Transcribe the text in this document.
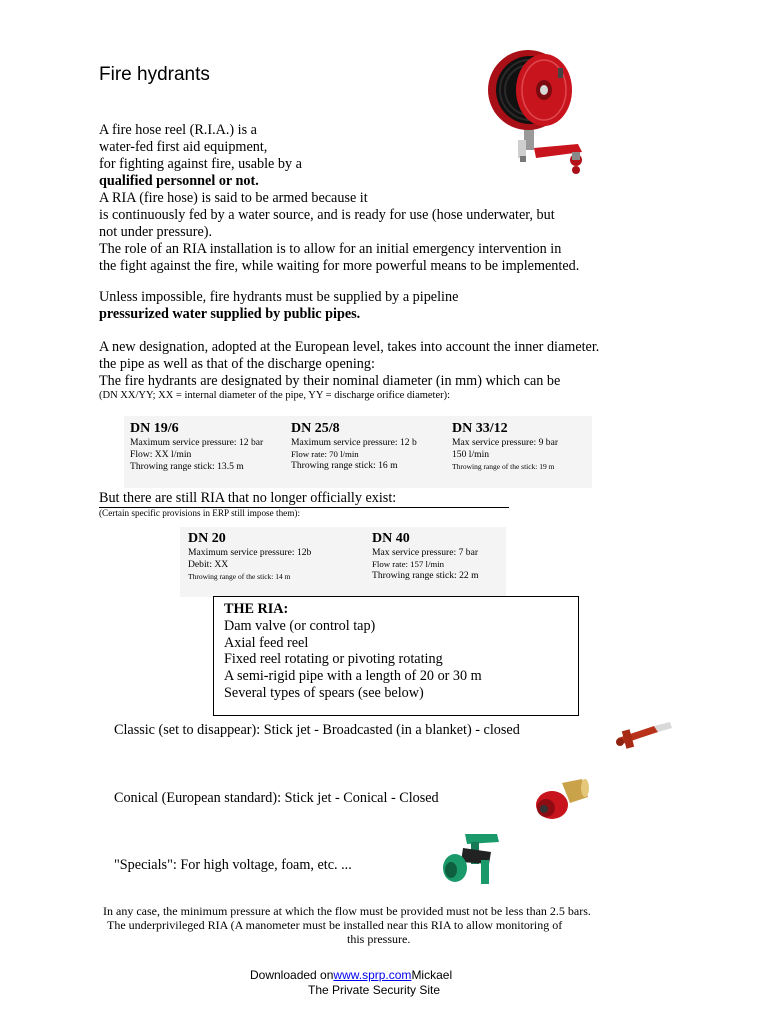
Fire hydrants
A fire hose reel (R.I.A.) is a
water-fed first aid equipment,
for fighting against fire, usable by a
qualified personnel or not.
A RIA (fire hose) is said to be armed because it
is continuously fed by a water source, and is ready for use (hose underwater, but
not under pressure).
The role of an RIA installation is to allow for an initial emergency intervention in
the fight against the fire, while waiting for more powerful means to be implemented.
Unless impossible, fire hydrants must be supplied by a pipeline
pressurized water supplied by public pipes.
A new designation, adopted at the European level, takes into account the inner diameter.
the pipe as well as that of the discharge opening:
The fire hydrants are designated by their nominal diameter (in mm) which can be
(DN XX/YY; XX = internal diameter of the pipe, YY = discharge orifice diameter):
DN 19/6
Maximum service pressure: 12 bar
Flow: XX l/min
Throwing range stick: 13.5 m
DN 25/8
Maximum service pressure: 12 b
Flow rate: 70 l/min
Throwing range stick: 16 m
DN 33/12
Max service pressure: 9 bar
150 l/min
Throwing range of the stick: 19 m
But there are still RIA that no longer officially exist:
(Certain specific provisions in ERP still impose them):
DN 20
Maximum service pressure: 12b
Debit: XX
Throwing range of the stick: 14 m
DN 40
Max service pressure: 7 bar
Flow rate: 157 l/min
Throwing range stick: 22 m
THE RIA:
Dam valve (or control tap)
Axial feed reel
Fixed reel rotating or pivoting rotating
A semi-rigid pipe with a length of 20 or 30 m
Several types of spears (see below)
Classic (set to disappear): Stick jet - Broadcasted (in a blanket) - closed
Conical (European standard): Stick jet - Conical - Closed
"Specials": For high voltage, foam, etc. ...
In any case, the minimum pressure at which the flow must be provided must not be less than 2.5 bars.
The underprivileged RIA (A manometer must be installed near this RIA to allow monitoring of
this pressure.
Downloaded onwww.sprp.comMickael
The Private Security Site
